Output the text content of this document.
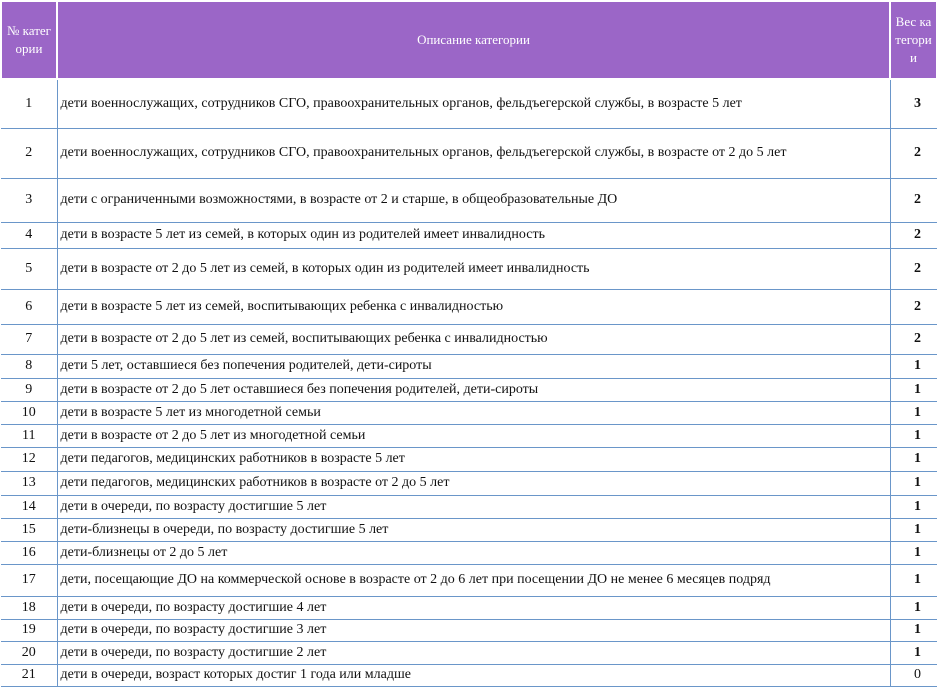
№ категории	Описание категории	Вес категории
1	дети военнослужащих, сотрудников СГО, правоохранительных органов, фельдъегерской службы, в возрасте 5 лет	3
2	дети военнослужащих, сотрудников СГО, правоохранительных органов, фельдъегерской службы, в возрасте от 2 до 5 лет	2
3	дети с ограниченными возможностями, в возрасте от 2 и старше, в общеобразовательные ДО	2
4	дети в возрасте 5 лет из семей, в которых один из родителей имеет инвалидность	2
5	дети в возрасте от 2 до 5 лет из семей, в которых один из родителей имеет инвалидность	2
6	дети в возрасте 5 лет из семей, воспитывающих ребенка с инвалидностью	2
7	дети в возрасте от 2 до 5 лет из семей, воспитывающих ребенка с инвалидностью	2
8	дети 5 лет, оставшиеся без попечения родителей, дети-сироты	1
9	дети в возрасте от 2 до 5 лет оставшиеся без попечения родителей, дети-сироты	1
10	дети в возрасте 5 лет из многодетной семьи	1
11	дети в возрасте от 2 до 5 лет из многодетной семьи	1
12	дети педагогов, медицинских работников в возрасте 5 лет	1
13	дети педагогов, медицинских работников в возрасте от 2 до 5 лет	1
14	дети в очереди, по возрасту достигшие 5 лет	1
15	дети-близнецы в очереди, по возрасту достигшие 5 лет	1
16	дети-близнецы от 2 до 5 лет	1
17	дети, посещающие ДО на коммерческой основе в возрасте от 2 до 6 лет при посещении ДО не менее 6 месяцев подряд	1
18	дети в очереди, по возрасту достигшие 4 лет	1
19	дети в очереди, по возрасту достигшие 3 лет	1
20	дети в очереди, по возрасту достигшие 2 лет	1
21	дети в очереди, возраст которых достиг 1 года или младше	0
